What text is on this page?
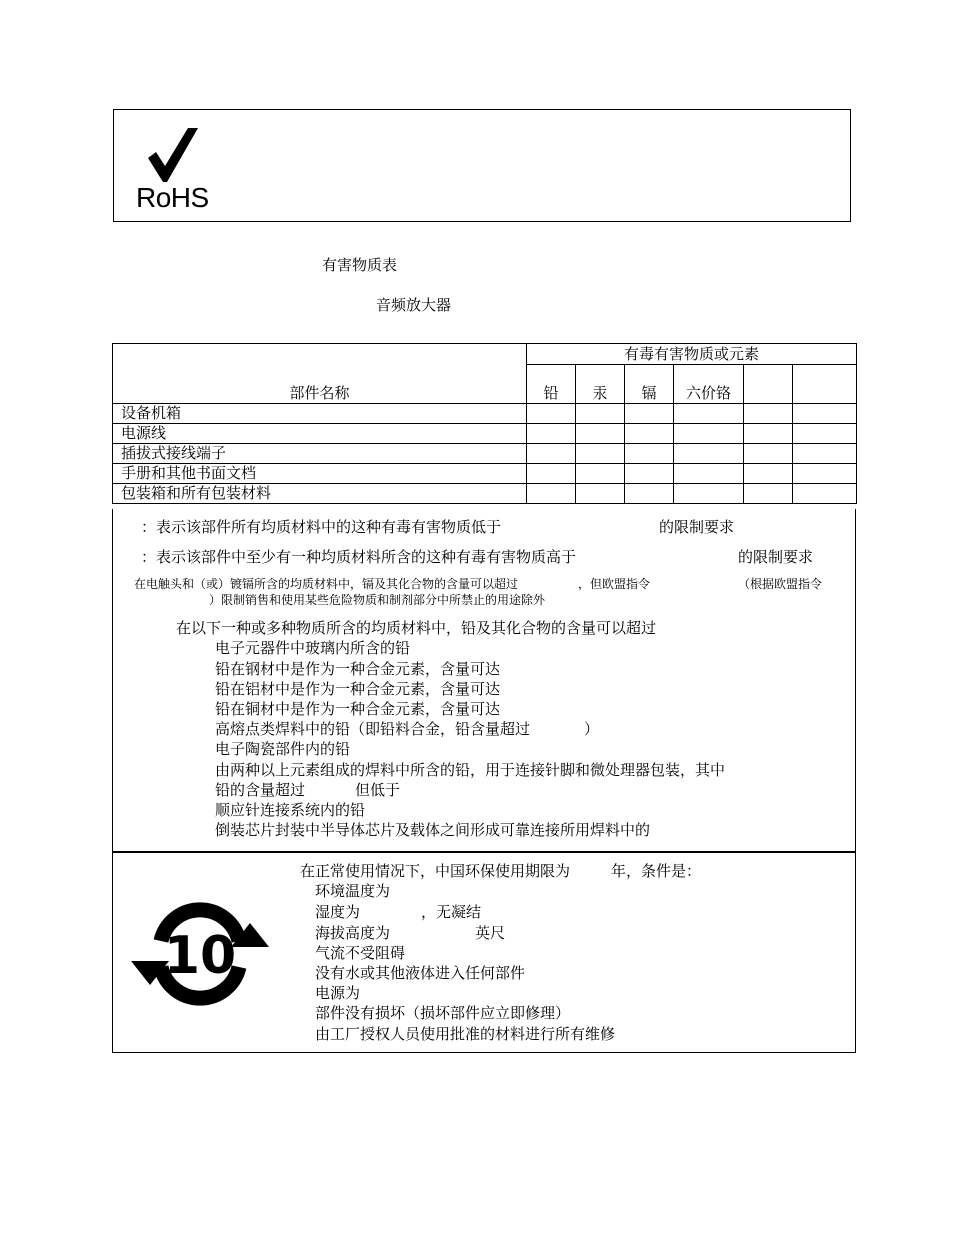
RoHS
有害物质表
音频放大器
部件名称	有毒有害物质或元素					
	铅	汞	镉	六价铬		
设备机箱						
电源线						
插拔式接线端子						
手册和其他书面文档						
包装箱和所有包装材料						
：表示该部件所有均质材料中的这种有毒有害物质低于	的限制要求
：表示该部件中至少有一种均质材料所含的这种有毒有害物质高于	的限制要求
在电触头和（或）镀镉所含的均质材料中，镉及其化合物的含量可以超过	，但欧盟指令	（根据欧盟指令
）限制销售和使用某些危险物质和制剂部分中所禁止的用途除外
在以下一种或多种物质所含的均质材料中，铅及其化合物的含量可以超过
电子元器件中玻璃内所含的铅
铅在钢材中是作为一种合金元素，含量可达
铅在铝材中是作为一种合金元素，含量可达
铅在铜材中是作为一种合金元素，含量可达
高熔点类焊料中的铅（即铅料合金，铅含量超过	）
电子陶瓷部件内的铅
由两种以上元素组成的焊料中所含的铅，用于连接针脚和微处理器包装，其中
铅的含量超过	但低于
顺应针连接系统内的铅
倒装芯片封装中半导体芯片及载体之间形成可靠连接所用焊料中的
10
在正常使用情况下，中国环保使用期限为	年，条件是：
环境温度为
湿度为	，无凝结
海拔高度为	英尺
气流不受阻碍
没有水或其他液体进入任何部件
电源为
部件没有损坏（损坏部件应立即修理）
由工厂授权人员使用批准的材料进行所有维修
